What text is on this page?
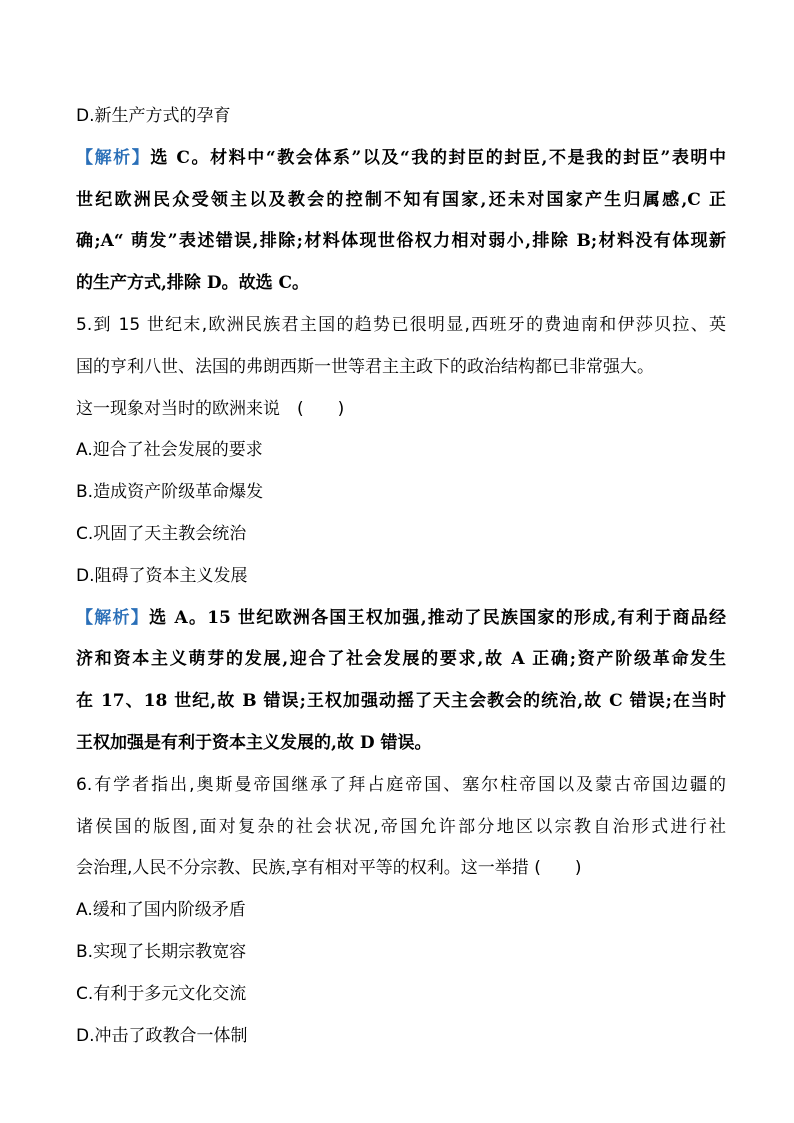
D.新生产方式的孕育
【解析】选 C。材料中“教会体系”以及“我的封臣的封臣,不是我的封臣”表明中
世纪欧洲民众受领主以及教会的控制不知有国家,还未对国家产生归属感,C 正
确;A“ 萌发”表述错误,排除;材料体现世俗权力相对弱小,排除 B;材料没有体现新
的生产方式,排除 D。故选 C。
5.到 15 世纪末,欧洲民族君主国的趋势已很明显,西班牙的费迪南和伊莎贝拉、英
国的亨利八世、法国的弗朗西斯一世等君主主政下的政治结构都已非常强大。
这一现象对当时的欧洲来说　(　　)
A.迎合了社会发展的要求
B.造成资产阶级革命爆发
C.巩固了天主教会统治
D.阻碍了资本主义发展
【解析】选 A。15 世纪欧洲各国王权加强,推动了民族国家的形成,有利于商品经
济和资本主义萌芽的发展,迎合了社会发展的要求,故 A 正确;资产阶级革命发生
在 17、18 世纪,故 B 错误;王权加强动摇了天主会教会的统治,故 C 错误;在当时
王权加强是有利于资本主义发展的,故 D 错误。
6.有学者指出,奥斯曼帝国继承了拜占庭帝国、塞尔柱帝国以及蒙古帝国边疆的
诸侯国的版图,面对复杂的社会状况,帝国允许部分地区以宗教自治形式进行社
会治理,人民不分宗教、民族,享有相对平等的权利。这一举措 (　　)
A.缓和了国内阶级矛盾
B.实现了长期宗教宽容
C.有利于多元文化交流
D.冲击了政教合一体制
